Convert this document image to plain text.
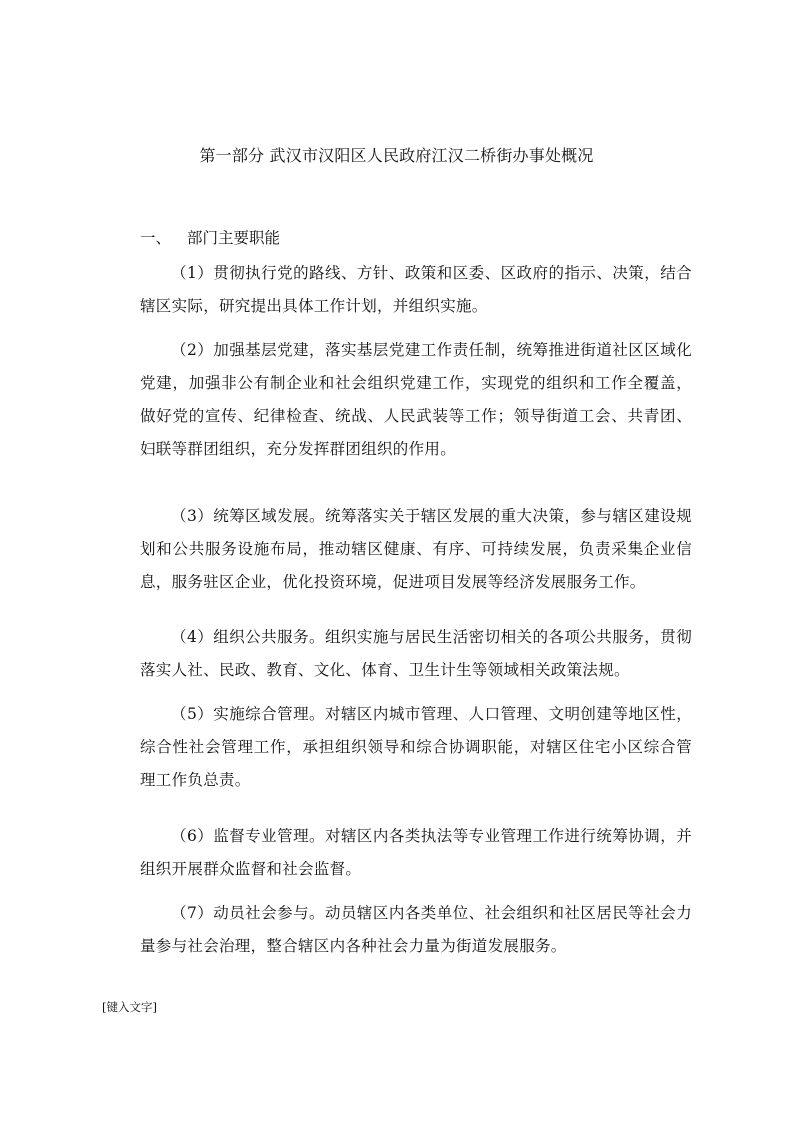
第一部分 武汉市汉阳区人民政府江汉二桥街办事处概况
一、 部门主要职能

（1）贯彻执行党的路线、方针、政策和区委、区政府的指示、决策，结合辖区实际，研究提出具体工作计划，并组织实施。

（2）加强基层党建，落实基层党建工作责任制，统筹推进街道社区区域化党建，加强非公有制企业和社会组织党建工作，实现党的组织和工作全覆盖，做好党的宣传、纪律检查、统战、人民武装等工作；领导街道工会、共青团、妇联等群团组织，充分发挥群团组织的作用。

（3）统筹区域发展。统筹落实关于辖区发展的重大决策，参与辖区建设规划和公共服务设施布局，推动辖区健康、有序、可持续发展，负责采集企业信息，服务驻区企业，优化投资环境，促进项目发展等经济发展服务工作。

（4）组织公共服务。组织实施与居民生活密切相关的各项公共服务，贯彻落实人社、民政、教育、文化、体育、卫生计生等领域相关政策法规。

（5）实施综合管理。对辖区内城市管理、人口管理、文明创建等地区性，综合性社会管理工作，承担组织领导和综合协调职能，对辖区住宅小区综合管理工作负总责。

（6）监督专业管理。对辖区内各类执法等专业管理工作进行统筹协调，并组织开展群众监督和社会监督。

（7）动员社会参与。动员辖区内各类单位、社会组织和社区居民等社会力量参与社会治理，整合辖区内各种社会力量为街道发展服务。

[键入文字]
